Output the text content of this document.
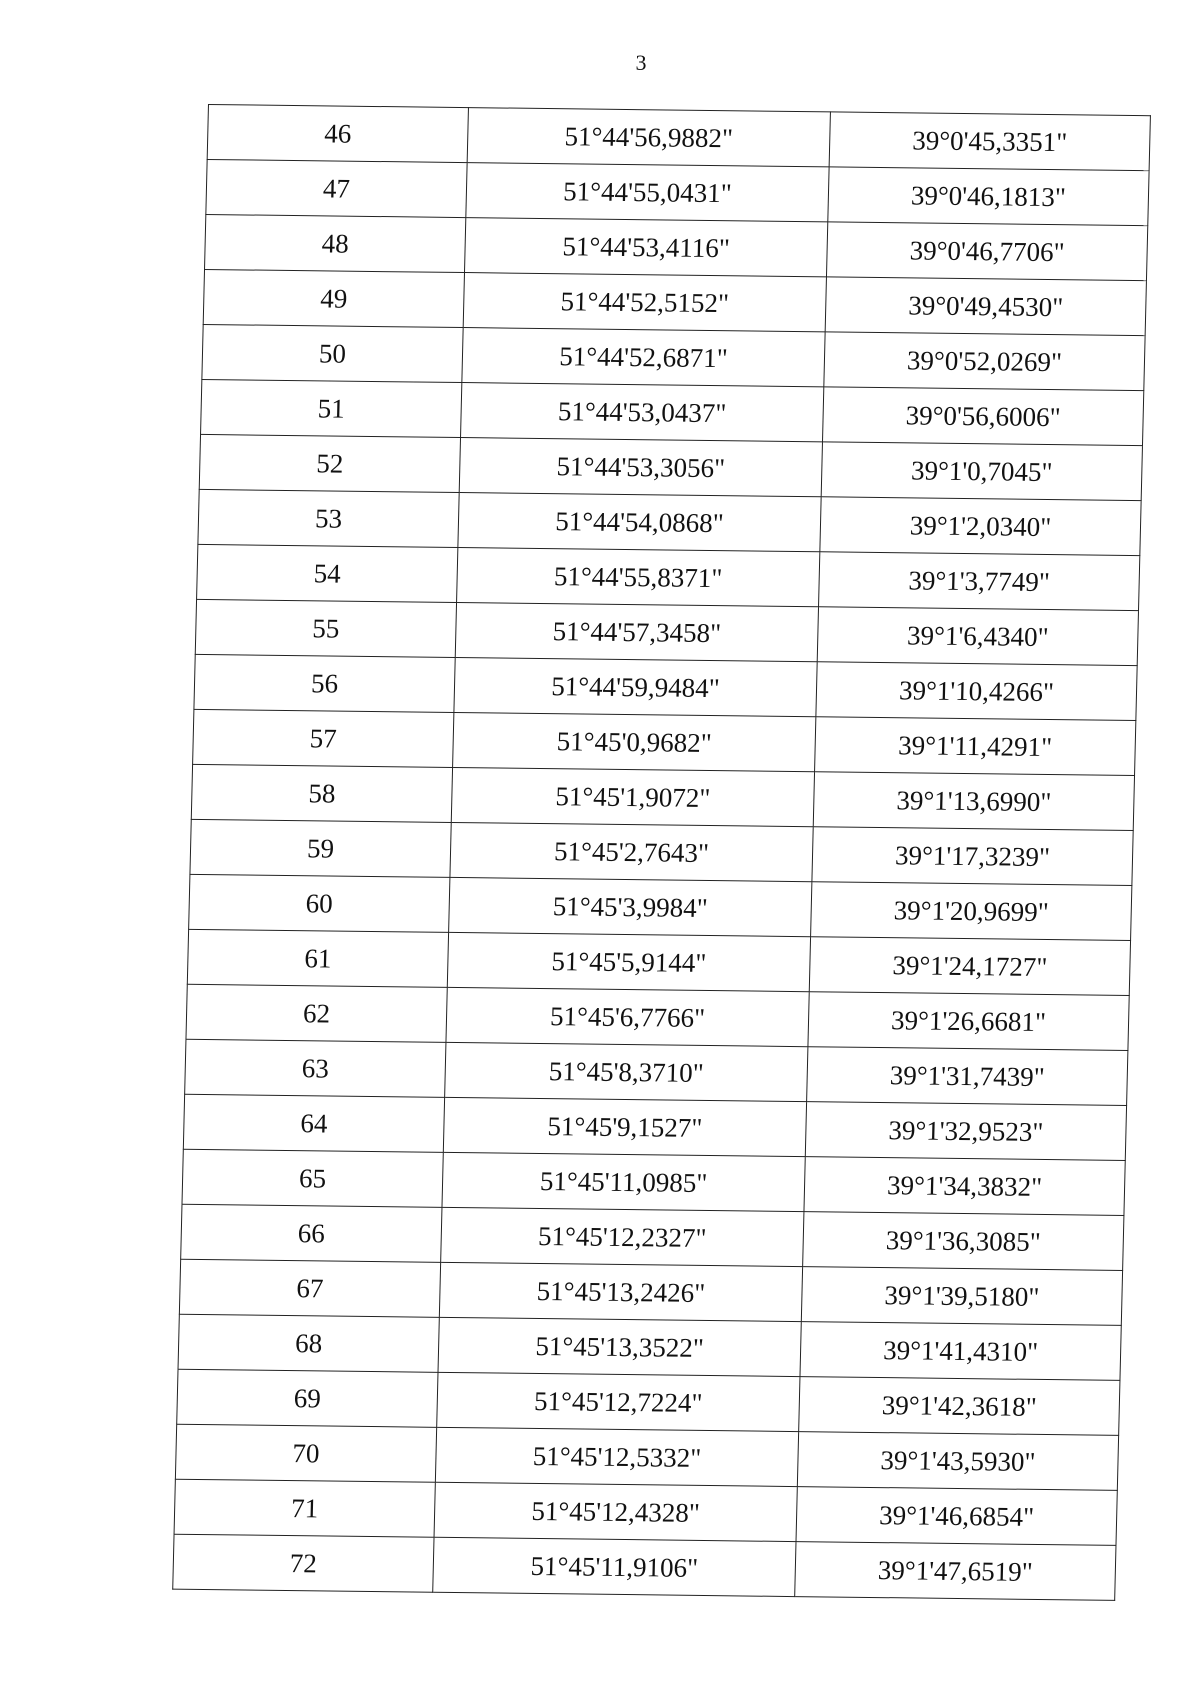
3
46	51°44'56,9882"	39°0'45,3351"
47	51°44'55,0431"	39°0'46,1813"
48	51°44'53,4116"	39°0'46,7706"
49	51°44'52,5152"	39°0'49,4530"
50	51°44'52,6871"	39°0'52,0269"
51	51°44'53,0437"	39°0'56,6006"
52	51°44'53,3056"	39°1'0,7045"
53	51°44'54,0868"	39°1'2,0340"
54	51°44'55,8371"	39°1'3,7749"
55	51°44'57,3458"	39°1'6,4340"
56	51°44'59,9484"	39°1'10,4266"
57	51°45'0,9682"	39°1'11,4291"
58	51°45'1,9072"	39°1'13,6990"
59	51°45'2,7643"	39°1'17,3239"
60	51°45'3,9984"	39°1'20,9699"
61	51°45'5,9144"	39°1'24,1727"
62	51°45'6,7766"	39°1'26,6681"
63	51°45'8,3710"	39°1'31,7439"
64	51°45'9,1527"	39°1'32,9523"
65	51°45'11,0985"	39°1'34,3832"
66	51°45'12,2327"	39°1'36,3085"
67	51°45'13,2426"	39°1'39,5180"
68	51°45'13,3522"	39°1'41,4310"
69	51°45'12,7224"	39°1'42,3618"
70	51°45'12,5332"	39°1'43,5930"
71	51°45'12,4328"	39°1'46,6854"
72	51°45'11,9106"	39°1'47,6519"
